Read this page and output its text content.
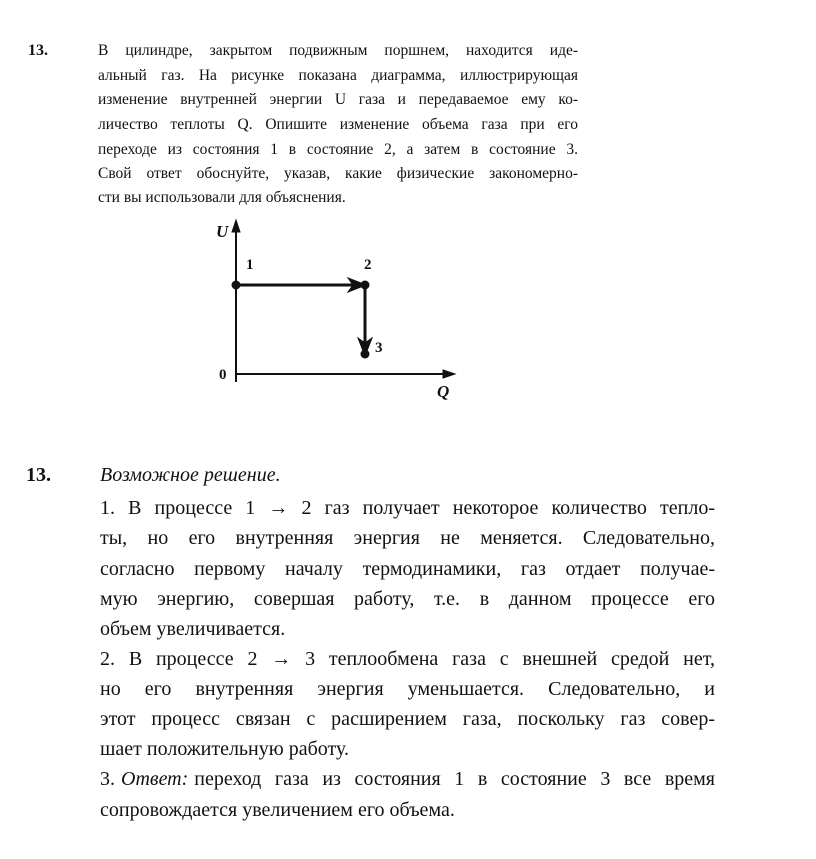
13.	В цилиндре, закрытом подвижным поршнем, находится иде-
альный газ. На рисунке показана диаграмма, иллюстрирующая
изменение внутренней энергии U газа и передаваемое ему ко-
личество теплоты Q. Опишите изменение объема газа при его
переходе из состояния 1 в состояние 2, а затем в состояние 3.
Свой ответ обоснуйте, указав, какие физические закономерно-
сти вы использовали для объяснения.
U
Q
0
1	2
3
13. Возможное решение.
1. В процессе 1 → 2 газ получает некоторое количество тепло-
ты, но его внутренняя энергия не меняется. Следовательно,
согласно первому началу термодинамики, газ отдает получае-
мую энергию, совершая работу, т.е. в данном процессе его
объем увеличивается.
2. В процессе 2 → 3 теплообмена газа с внешней средой нет,
но его внутренняя энергия уменьшается. Следовательно, и
этот процесс связан с расширением газа, поскольку газ совер-
шает положительную работу.
3. Ответ: переход газа из состояния 1 в состояние 3 все время
сопровождается увеличением его объема.
